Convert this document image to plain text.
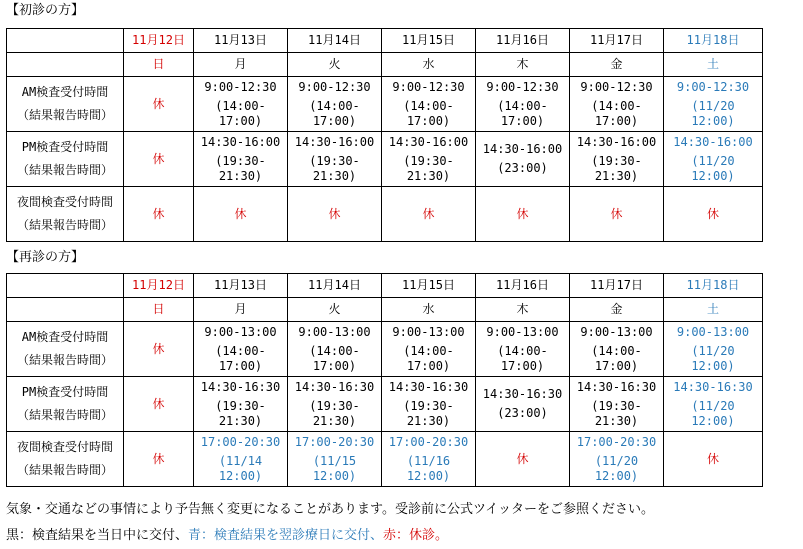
【初診の方】
	11月12日	11月13日	11月14日	11月15日	11月16日	11月17日	11月18日
	日	月	火	水	木	金	土

AM検査受付時間
（結果報告時間）	休	9:00-12:30
(14:00-
17:00)	9:00-12:30
(14:00-
17:00)	9:00-12:30
(14:00-
17:00)	9:00-12:30
(14:00-
17:00)	9:00-12:30
(14:00-
17:00)	9:00-12:30
(11/20
12:00)

PM検査受付時間
（結果報告時間）	休	14:30-16:00
(19:30-
21:30)	14:30-16:00
(19:30-
21:30)	14:30-16:00
(19:30-
21:30)	14:30-16:00
(23:00)	14:30-16:00
(19:30-
21:30)	14:30-16:00
(11/20
12:00)

夜間検査受付時間
（結果報告時間）	休	休	休	休	休	休	休
【再診の方】
	11月12日	11月13日	11月14日	11月15日	11月16日	11月17日	11月18日
	日	月	火	水	木	金	土

AM検査受付時間
（結果報告時間）	休	9:00-13:00
(14:00-
17:00)	9:00-13:00
(14:00-
17:00)	9:00-13:00
(14:00-
17:00)	9:00-13:00
(14:00-
17:00)	9:00-13:00
(14:00-
17:00)	9:00-13:00
(11/20
12:00)

PM検査受付時間
（結果報告時間）	休	14:30-16:30
(19:30-
21:30)	14:30-16:30
(19:30-
21:30)	14:30-16:30
(19:30-
21:30)	14:30-16:30
(23:00)	14:30-16:30
(19:30-
21:30)	14:30-16:30
(11/20
12:00)

夜間検査受付時間
（結果報告時間）	休	17:00-20:30
(11/14
12:00)	17:00-20:30
(11/15
12:00)	17:00-20:30
(11/16
12:00)	休	17:00-20:30
(11/20
12:00)	休
気象・交通などの事情により予告無く変更になることがあります。受診前に公式ツイッターをご参照ください。
黒：検査結果を当日中に交付、青：検査結果を翌診療日に交付、赤：休診。
